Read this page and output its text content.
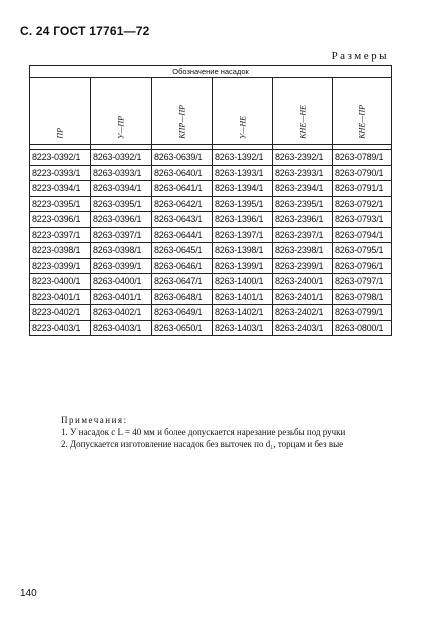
С. 24 ГОСТ 17761—72
Размеры
Обозначение насадок					

ПР	У—ПР	КПР—ПР	У—НЕ	КНЕ—НЕ	КНЕ—ПР

8223-0392/1	8263-0392/1	8263-0639/1	8263-1392/1	8263-2392/1	8263-0789/1
8223-0393/1	8263-0393/1	8263-0640/1	8263-1393/1	8263-2393/1	8263-0790/1
8223-0394/1	8263-0394/1	8263-0641/1	8263-1394/1	8263-2394/1	8263-0791/1
8223-0395/1	8263-0395/1	8263-0642/1	8263-1395/1	8263-2395/1	8263-0792/1
8223-0396/1	8263-0396/1	8263-0643/1	8263-1396/1	8263-2396/1	8263-0793/1
8223-0397/1	8263-0397/1	8263-0644/1	8263-1397/1	8263-2397/1	8263-0794/1
8223-0398/1	8263-0398/1	8263-0645/1	8263-1398/1	8263-2398/1	8263-0795/1
8223-0399/1	8263-0399/1	8263-0646/1	8263-1399/1	8263-2399/1	8263-0796/1
8223-0400/1	8263-0400/1	8263-0647/1	8263-1400/1	8263-2400/1	8263-0797/1
8223-0401/1	8263-0401/1	8263-0648/1	8263-1401/1	8263-2401/1	8263-0798/1
8223-0402/1	8263-0402/1	8263-0649/1	8263-1402/1	8263-2402/1	8263-0799/1
8223-0403/1	8263-0403/1	8263-0650/1	8263-1403/1	8263-2403/1	8263-0800/1
Примечания:
1. У насадок с L = 40 мм и более допускается нарезание резьбы под ручки
2. Допускается изготовление насадок без выточек по d₁, торцам и без вые
140
